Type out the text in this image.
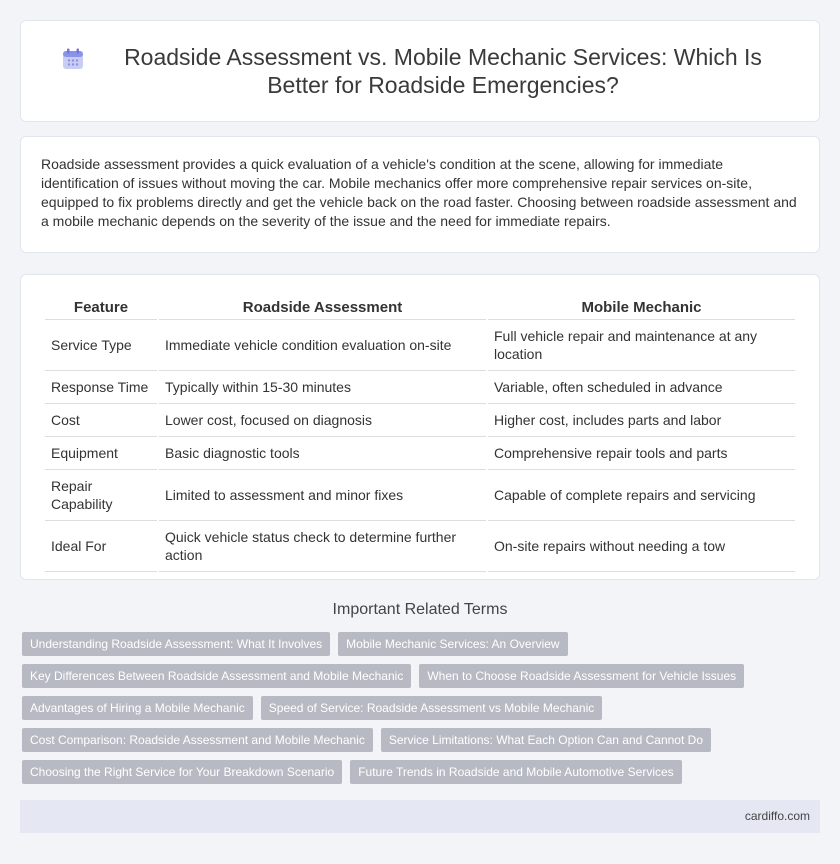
Roadside Assessment vs. Mobile Mechanic Services: Which Is Better for Roadside Emergencies?

Roadside assessment provides a quick evaluation of a vehicle's condition at the scene, allowing for immediate identification of issues without moving the car. Mobile mechanics offer more comprehensive repair services on-site, equipped to fix problems directly and get the vehicle back on the road faster. Choosing between roadside assessment and a mobile mechanic depends on the severity of the issue and the need for immediate repairs.

Feature	Roadside Assessment	Mobile Mechanic
Service Type	Immediate vehicle condition evaluation on-site	Full vehicle repair and maintenance at any location
Response Time	Typically within 15-30 minutes	Variable, often scheduled in advance
Cost	Lower cost, focused on diagnosis	Higher cost, includes parts and labor
Equipment	Basic diagnostic tools	Comprehensive repair tools and parts
Repair Capability	Limited to assessment and minor fixes	Capable of complete repairs and servicing
Ideal For	Quick vehicle status check to determine further action	On-site repairs without needing a tow
Important Related Terms
Understanding Roadside Assessment: What It Involves	Mobile Mechanic Services: An Overview
Key Differences Between Roadside Assessment and Mobile Mechanic	When to Choose Roadside Assessment for Vehicle Issues
Advantages of Hiring a Mobile Mechanic	Speed of Service: Roadside Assessment vs Mobile Mechanic
Cost Comparison: Roadside Assessment and Mobile Mechanic	Service Limitations: What Each Option Can and Cannot Do
Choosing the Right Service for Your Breakdown Scenario	Future Trends in Roadside and Mobile Automotive Services
cardiffo.com
